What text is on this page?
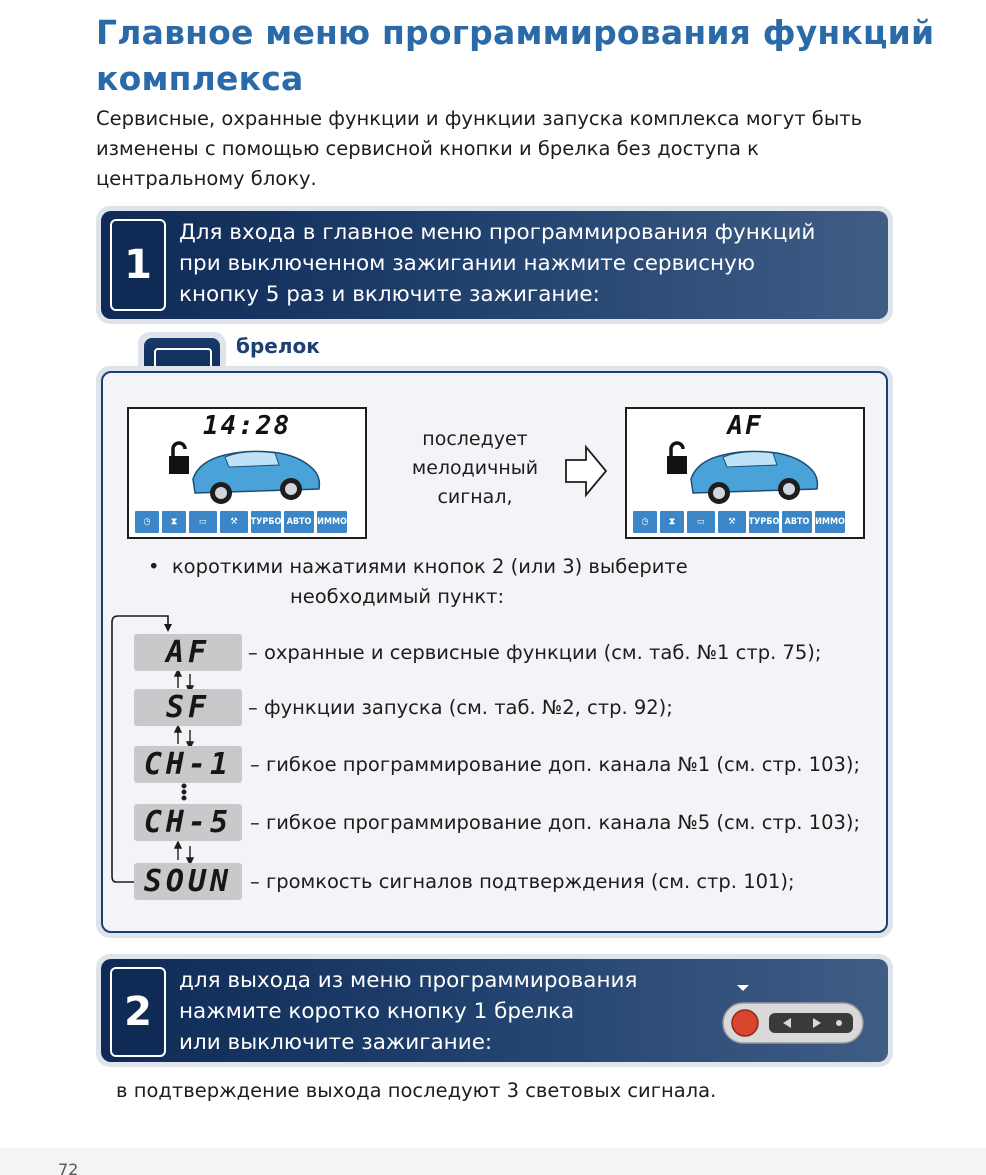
Главное меню программирования функций комплекса
Сервисные, охранные функции и функции запуска комплекса могут быть изменены с помощью сервисной кнопки и брелка без доступа к центральному блоку.
1
Для входа в главное меню программирования функций
при выключенном зажигании нажмите сервисную
кнопку 5 раз и включите зажигание:
брелок
14:28
◷	⧗	▭	⚒	ТУРБО АВТО ИММО
последует
мелодичный
сигнал,
AF
◷	⧗	▭	⚒	ТУРБО АВТО ИММО
•  короткими нажатиями кнопок 2 (или 3) выберите
необходимый пункт:
AF	– охранные и сервисные функции (см. таб. №1 стр. 75);
SF	– функции запуска (см. таб. №2, стр. 92);
CH-1 – гибкое программирование доп. канала №1 (см. стр. 103);
CH-5 – гибкое программирование доп. канала №5 (см. стр. 103);
SOUN – громкость сигналов подтверждения (см. стр. 101);
2
для выхода из меню программирования
нажмите коротко кнопку 1 брелка
или выключите зажигание:
в подтверждение выхода последуют 3 световых сигнала.
72
